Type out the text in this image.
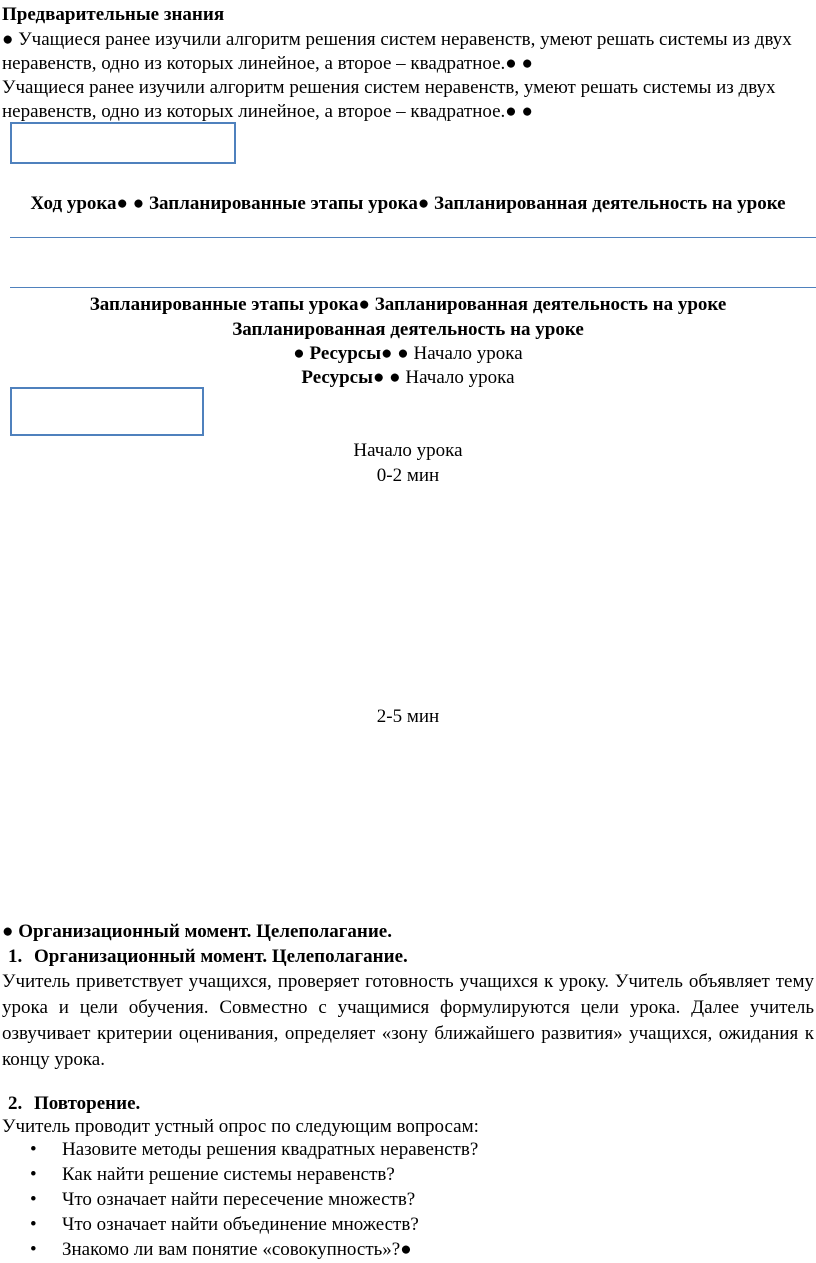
Предварительные знания
● Учащиеся ранее изучили алгоритм решения систем неравенств, умеют решать системы из двух неравенств, одно из которых линейное, а второе – квадратное.● ●
Учащиеся ранее изучили алгоритм решения систем неравенств, умеют решать системы из двух неравенств, одно из которых линейное, а второе – квадратное.● ●
Ход урока● ● Запланированные этапы урока● Запланированная деятельность на уроке
Запланированные этапы урока● Запланированная деятельность на уроке
Запланированная деятельность на уроке
● Ресурсы● ● Начало урока
Ресурсы● ● Начало урока
Начало урока
0-2 мин
2-5 мин
● Организационный момент. Целеполагание.
1. Организационный момент. Целеполагание.
Учитель приветствует учащихся, проверяет готовность учащихся к уроку. Учитель объявляет тему урока и цели обучения. Совместно с учащимися формулируются цели урока. Далее учитель озвучивает критерии оценивания, определяет «зону ближайшего развития» учащихся, ожидания к концу урока.
2. Повторение.
Учитель проводит устный опрос по следующим вопросам:
• Назовите методы решения квадратных неравенств?
• Как найти решение системы неравенств?
• Что означает найти пересечение множеств?
• Что означает найти объединение множеств?
• Знакомо ли вам понятие «совокупность»?●
